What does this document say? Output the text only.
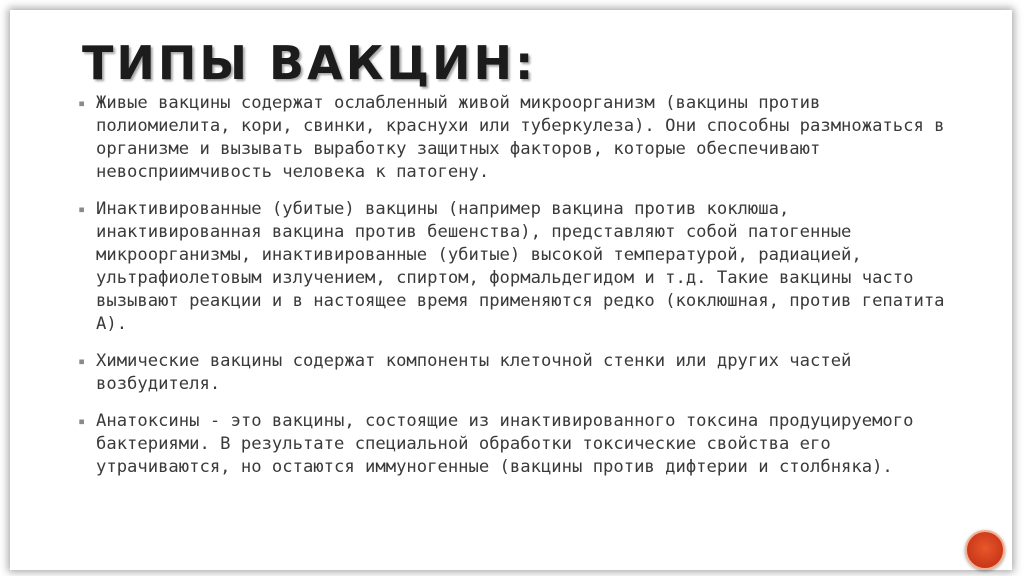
ТИПЫ ВАКЦИН:
▪ Живые вакцины содержат ослабленный живой микроорганизм (вакцины против полиомиелита, кори, свинки, краснухи или туберкулеза). Они способны размножаться в организме и вызывать выработку защитных факторов, которые обеспечивают невосприимчивость человека к патогену.
▪ Инактивированные (убитые) вакцины (например вакцина против коклюша, инактивированная вакцина против бешенства), представляют собой патогенные микроорганизмы, инактивированные (убитые) высокой температурой, радиацией, ультрафиолетовым излучением, спиртом, формальдегидом и т.д. Такие вакцины часто вызывают реакции и в настоящее время применяются редко (коклюшная, против гепатита А).
▪ Химические вакцины содержат компоненты клеточной стенки или других частей возбудителя.
▪ Анатоксины - это вакцины, состоящие из инактивированного токсина продуцируемого бактериями. В результате специальной обработки токсические свойства его утрачиваются, но остаются иммуногенные (вакцины против дифтерии и столбняка).
